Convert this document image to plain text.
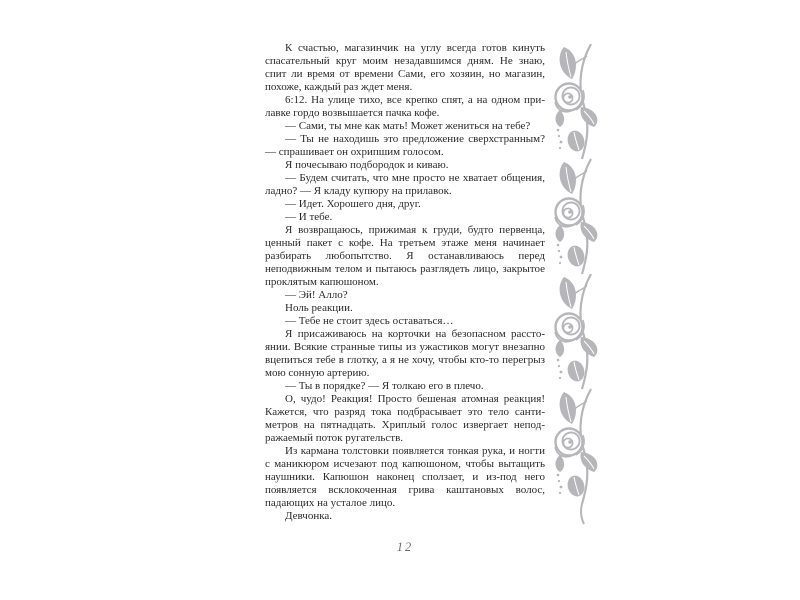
К счастью, магазинчик на углу всегда готов кинуть спасательный круг моим незадавшимся дням. Не знаю, спит ли время от времени Сами, его хозяин, но магазин, похоже, каждый раз ждет меня.

6:12. На улице тихо, все крепко спят, а на одном прилавке гордо возвышается пачка кофе.

— Сами, ты мне как мать! Может жениться на тебе?

— Ты не находишь это предложение сверхстранным? — спрашивает он охрипшим голосом.

Я почесываю подбородок и киваю.

— Будем считать, что мне просто не хватает общения, ладно? — Я кладу купюру на прилавок.

— Идет. Хорошего дня, друг.

— И тебе.

Я возвращаюсь, прижимая к груди, будто первенца, ценный пакет с кофе. На третьем этаже меня начинает разбирать любопытство. Я останавливаюсь перед неподвижным телом и пытаюсь разглядеть лицо, закрытое проклятым капюшоном.

— Эй! Алло?

Ноль реакции.

— Тебе не стоит здесь оставаться…

Я присаживаюсь на корточки на безопасном расстоянии. Всякие странные типы из ужастиков могут внезапно вцепиться тебе в глотку, а я не хочу, чтобы кто-то перегрыз мою сонную артерию.

— Ты в порядке? — Я толкаю его в плечо.

О, чудо! Реакция! Просто бешеная атомная реакция! Кажется, что разряд тока подбрасывает это тело сантиметров на пятнадцать. Хриплый голос извергает неподражаемый поток ругательств.

Из кармана толстовки появляется тонкая рука, и ногти с маникюром исчезают под капюшоном, чтобы вытащить наушники. Капюшон наконец сползает, и из-под него появляется всклокоченная грива каштановых волос, падающих на усталое лицо.

Девчонка.

12
